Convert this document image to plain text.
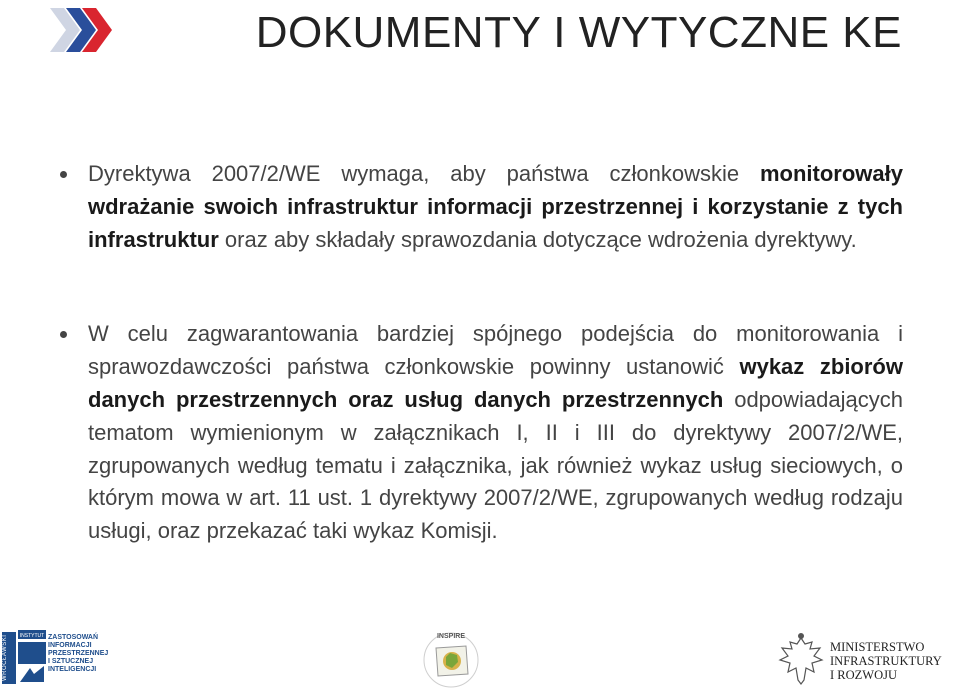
DOKUMENTY I WYTYCZNE KE
Dyrektywa 2007/2/WE wymaga, aby państwa członkowskie monitorowały wdrażanie swoich infrastruktur informacji przestrzennej i korzystanie z tych infrastruktur oraz aby składały sprawozdania dotyczące wdrożenia dyrektywy.
W celu zagwarantowania bardziej spójnego podejścia do monitorowania i sprawozdawczości państwa członkowskie powinny ustanowić wykaz zbiorów danych przestrzennych oraz usług danych przestrzennych odpowiadających tematom wymienionym w załącznikach I, II i III do dyrektywy 2007/2/WE, zgrupowanych według tematu i załącznika, jak również wykaz usług sieciowych, o którym mowa w art. 11 ust. 1 dyrektywy 2007/2/WE, zgrupowanych według rodzaju usługi, oraz przekazać taki wykaz Komisji.
WROCŁAWSKI	INSTYTUT ZASTOSOWAŃ
INFORMACJI
PRZESTRZENNEJ
I SZTUCZNEJ
INTELIGENCJI
INSPIRE
MINISTERSTWO
INFRASTRUKTURY
I ROZWOJU
